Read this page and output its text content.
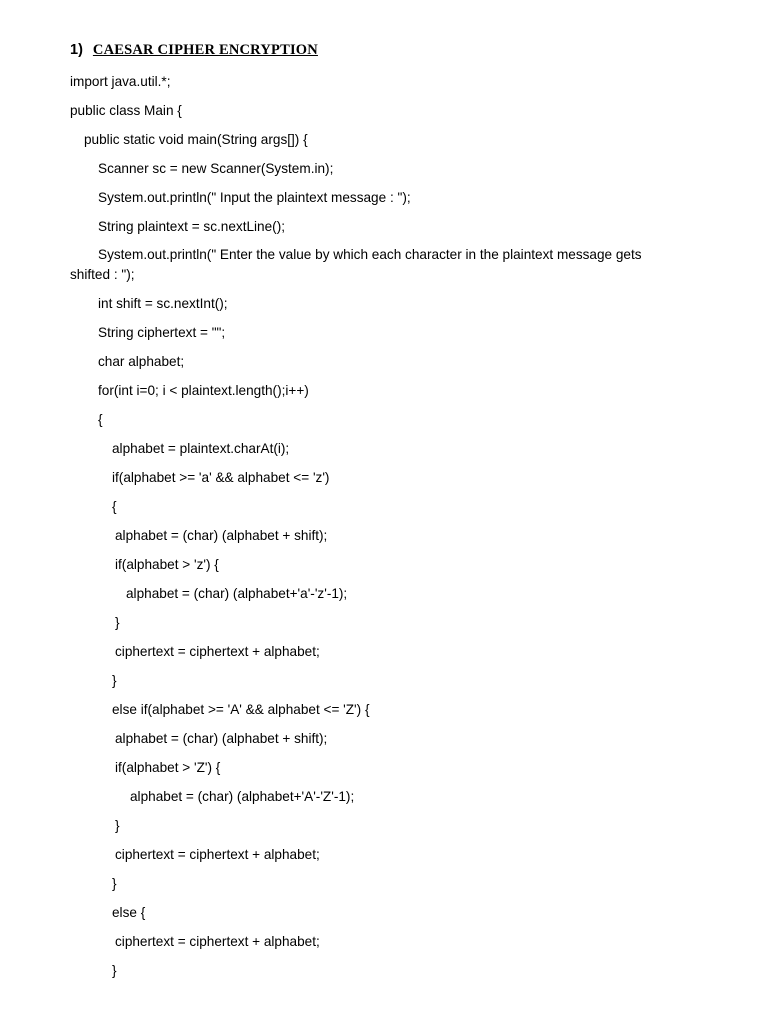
1) CAESAR CIPHER ENCRYPTION
import java.util.*;
public class Main {
public static void main(String args[]) {
Scanner sc = new Scanner(System.in);
System.out.println(" Input the plaintext message : ");
String plaintext = sc.nextLine();
System.out.println(" Enter the value by which each character in the plaintext message gets shifted : ");
int shift = sc.nextInt();
String ciphertext = "";
char alphabet;
for(int i=0; i < plaintext.length();i++)
{
alphabet = plaintext.charAt(i);
if(alphabet >= 'a' && alphabet <= 'z')
{
alphabet = (char) (alphabet + shift);
if(alphabet > 'z') {
alphabet = (char) (alphabet+'a'-'z'-1);
}
ciphertext = ciphertext + alphabet;
}
else if(alphabet >= 'A' && alphabet <= 'Z') {
alphabet = (char) (alphabet + shift);
if(alphabet > 'Z') {
alphabet = (char) (alphabet+'A'-'Z'-1);
}
ciphertext = ciphertext + alphabet;
}
else {
ciphertext = ciphertext + alphabet;
}
